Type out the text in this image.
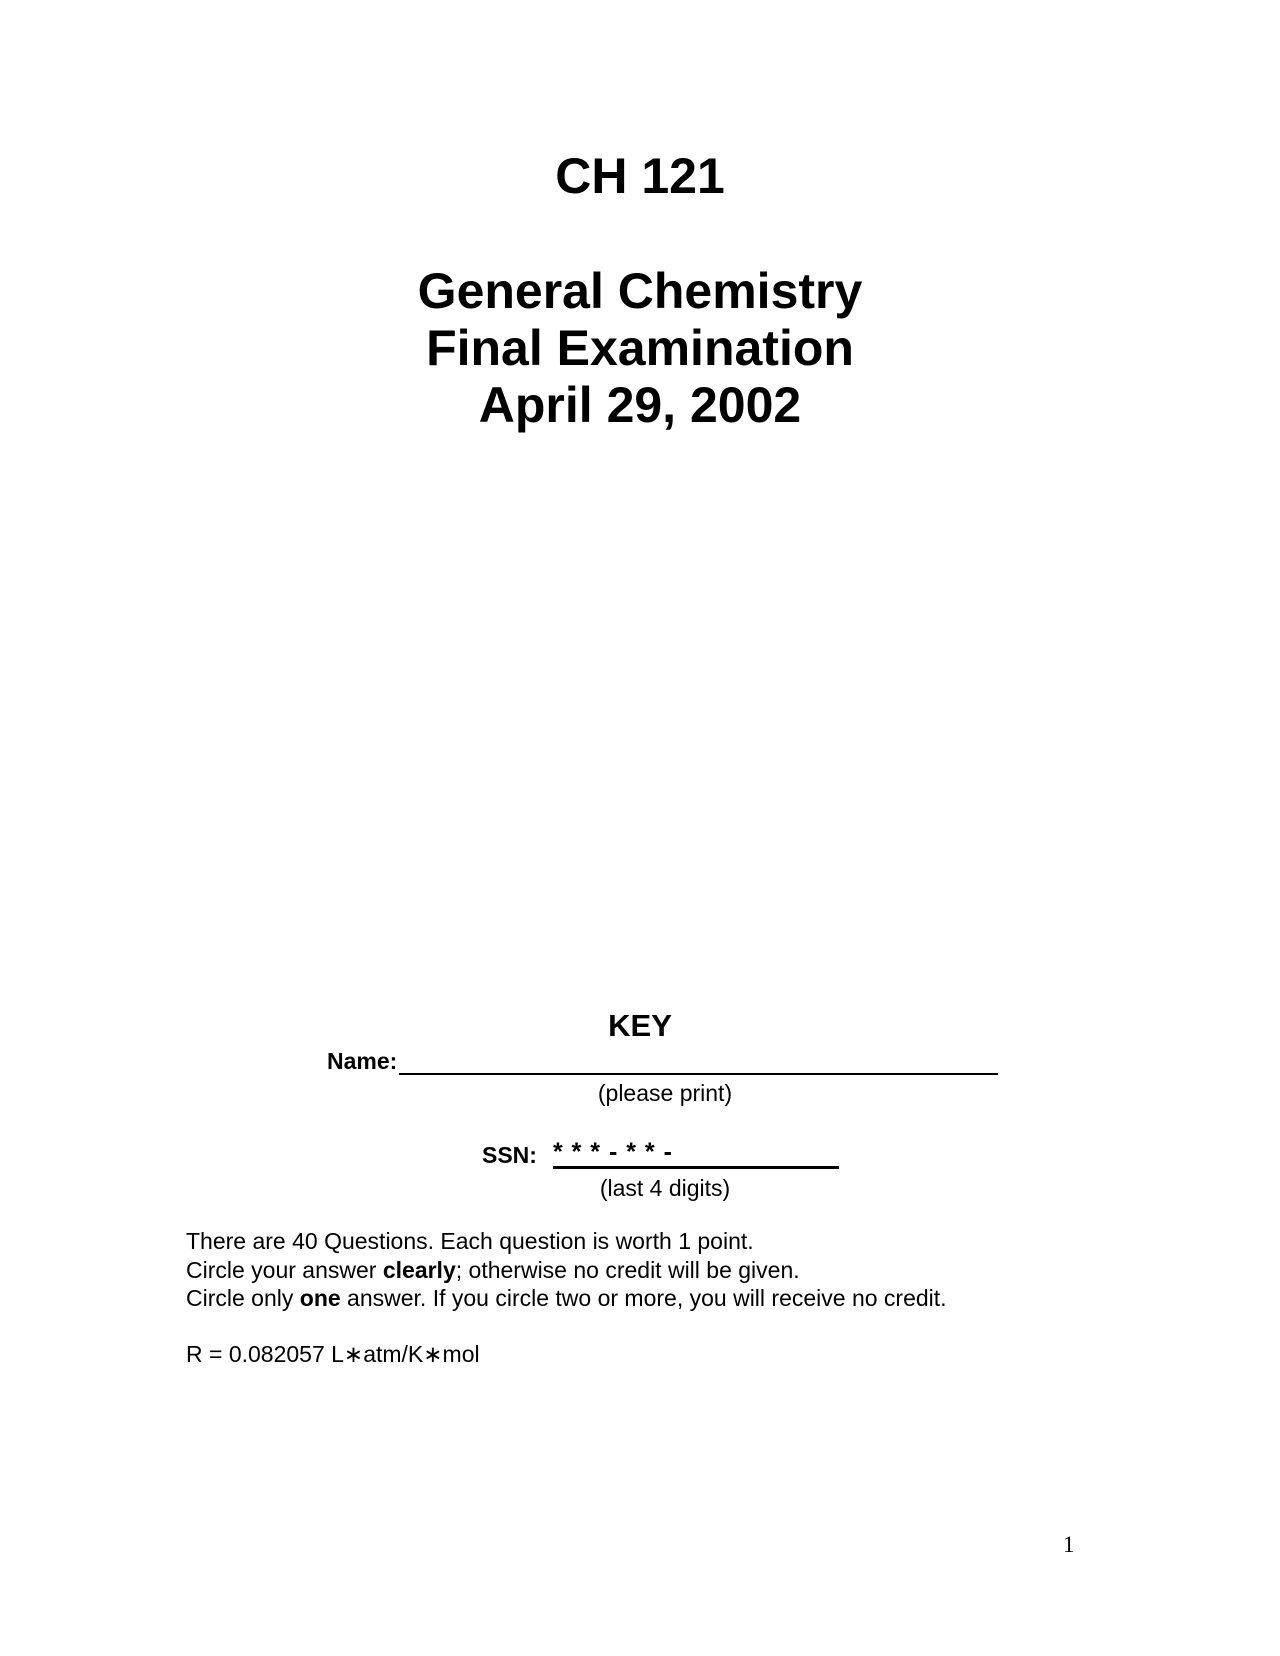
CH 121
General Chemistry
Final Examination
April 29, 2002
KEY
Name:
(please print)
SSN: * * * - * * -
(last 4 digits)
There are 40 Questions. Each question is worth 1 point.
Circle your answer clearly; otherwise no credit will be given.
Circle only one answer. If you circle two or more, you will receive no credit.
R = 0.082057 L∗atm/K∗mol
1
